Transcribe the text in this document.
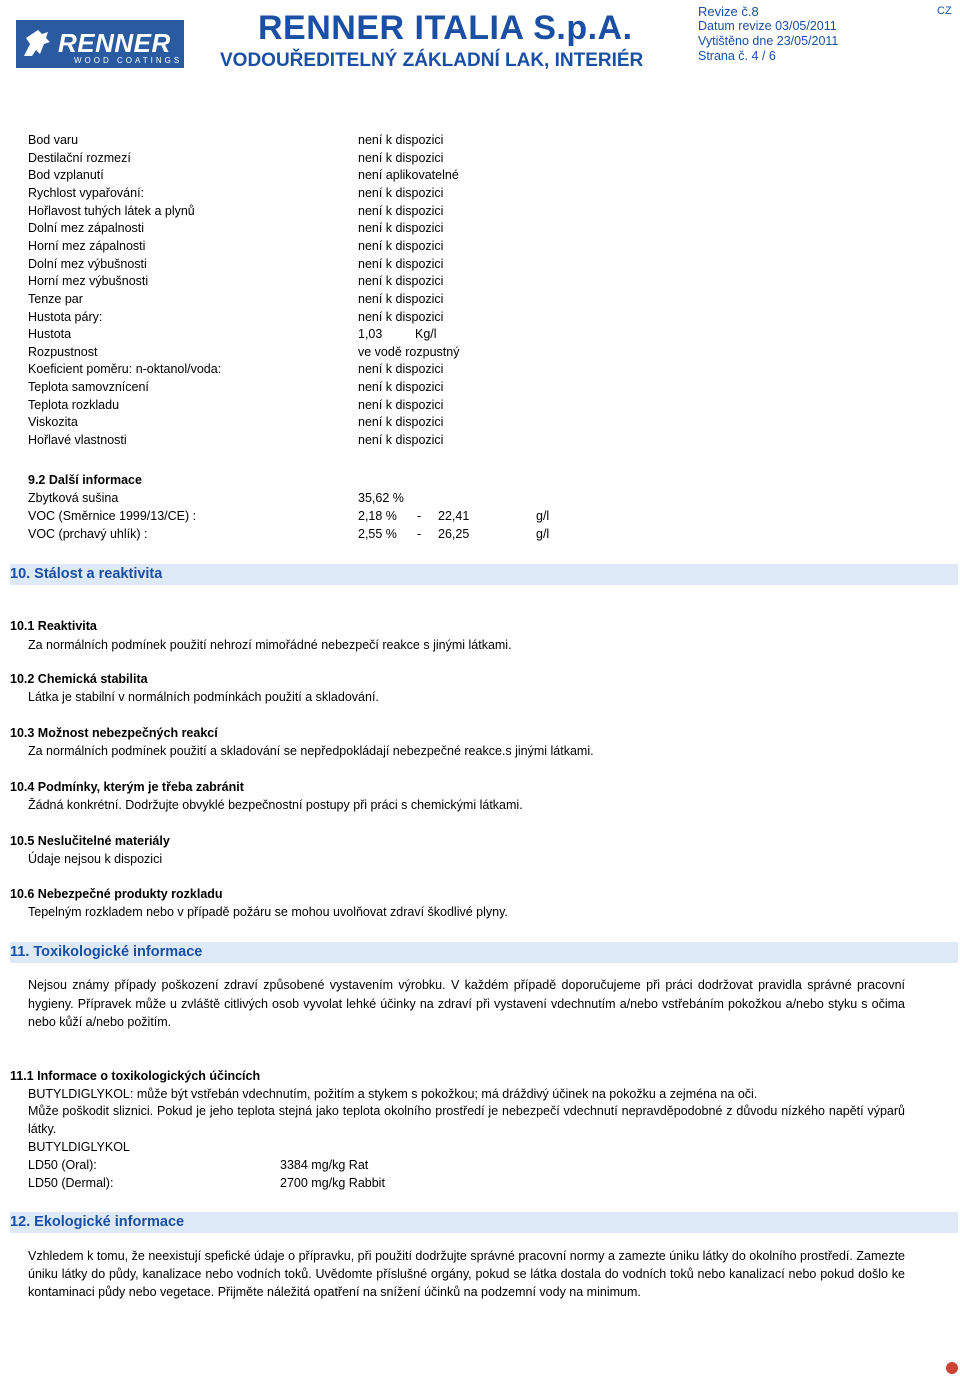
RENNER
WOOD COATINGS
RENNER ITALIA S.p.A.
VODOUŘEDITELNÝ ZÁKLADNÍ LAK, INTERIÉR
Revize č.8
Datum revize 03/05/2011
Vytištěno dne 23/05/2011
Strana č. 4 / 6
CZ
Bod varu	není k dispozici
Destilační rozmezí	není k dispozici
Bod vzplanutí	není aplikovatelné
Rychlost vypařování:	není k dispozici
Hořlavost tuhých látek a plynů	není k dispozici
Dolní mez zápalnosti	není k dispozici
Horní mez zápalnosti	není k dispozici
Dolní mez výbušnosti	není k dispozici
Horní mez výbušnosti	není k dispozici
Tenze par	není k dispozici
Hustota páry:	není k dispozici
Hustota	1,03	Kg/l
Rozpustnost	ve vodě rozpustný
Koeficient poměru: n-oktanol/voda:	není k dispozici
Teplota samovznícení	není k dispozici
Teplota rozkladu	není k dispozici
Viskozita	není k dispozici
Hořlavé vlastnosti	není k dispozici
9.2 Další informace
Zbytková sušina	35,62 %
VOC (Směrnice 1999/13/CE) :	2,18 % - 22,41	g/l
VOC (prchavý uhlík) :	2,55 % - 26,25	g/l
10. Stálost a reaktivita
10.1 Reaktivita
Za normálních podmínek použití nehrozí mimořádné nebezpečí reakce s jinými látkami.
10.2 Chemická stabilita
Látka je stabilní v normálních podmínkách použití a skladování.
10.3 Možnost nebezpečných reakcí
Za normálních podmínek použití a skladování se nepředpokládají nebezpečné reakce.s jinými látkami.
10.4 Podmínky, kterým je třeba zabránit
Žádná konkrétní. Dodržujte obvyklé bezpečnostní postupy při práci s chemickými látkami.
10.5 Neslučitelné materiály
Údaje nejsou k dispozici
10.6 Nebezpečné produkty rozkladu
Tepelným rozkladem nebo v případě požáru se mohou uvolňovat zdraví škodlivé plyny.
11. Toxikologické informace
Nejsou známy případy poškození zdraví způsobené vystavením výrobku. V každém případě doporučujeme při práci dodržovat pravidla správné pracovní hygieny. Přípravek může u zvláště citlivých osob vyvolat lehké účinky na zdraví při vystavení vdechnutím a/nebo vstřebáním pokožkou a/nebo styku s očima nebo kůží a/nebo požitím.
11.1 Informace o toxikologických účincích
BUTYLDIGLYKOL: může být vstřebán vdechnutím, požitím a stykem s pokožkou; má dráždivý účinek na pokožku a zejména na oči.
Může poškodit sliznici. Pokud je jeho teplota stejná jako teplota okolního prostředí je nebezpečí vdechnutí nepravděpodobné z důvodu nízkého napětí výparů látky.
BUTYLDIGLYKOL
LD50 (Oral):	3384 mg/kg Rat
LD50 (Dermal):	2700 mg/kg Rabbit
12. Ekologické informace
Vzhledem k tomu, že neexistují spefické údaje o přípravku, při použití dodržujte správné pracovní normy a zamezte úniku látky do okolního prostředí. Zamezte úniku látky do půdy, kanalizace nebo vodních toků. Uvědomte příslušné orgány, pokud se látka dostala do vodních toků nebo kanalizací nebo pokud došlo ke kontaminaci půdy nebo vegetace. Přijměte náležitá opatření na snížení účinků na podzemní vody na minimum.
